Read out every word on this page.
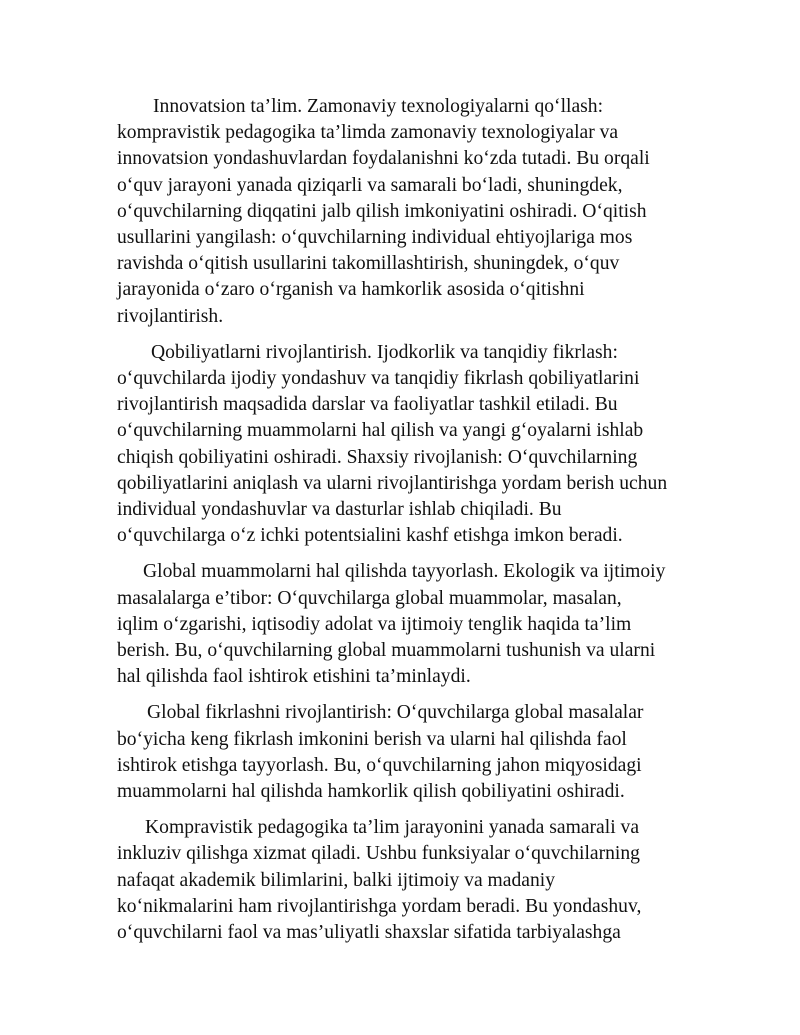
Innovatsion ta’lim. Zamonaviy texnologiyalarni qo‘llash:
kompravistik pedagogika ta’limda zamonaviy texnologiyalar va
innovatsion yondashuvlardan foydalanishni ko‘zda tutadi. Bu orqali
o‘quv jarayoni yanada qiziqarli va samarali bo‘ladi, shuningdek,
o‘quvchilarning diqqatini jalb qilish imkoniyatini oshiradi. O‘qitish
usullarini yangilash: o‘quvchilarning individual ehtiyojlariga mos
ravishda o‘qitish usullarini takomillashtirish, shuningdek, o‘quv
jarayonida o‘zaro o‘rganish va hamkorlik asosida o‘qitishni
rivojlantirish.

Qobiliyatlarni rivojlantirish. Ijodkorlik va tanqidiy fikrlash:
o‘quvchilarda ijodiy yondashuv va tanqidiy fikrlash qobiliyatlarini
rivojlantirish maqsadida darslar va faoliyatlar tashkil etiladi. Bu
o‘quvchilarning muammolarni hal qilish va yangi g‘oyalarni ishlab
chiqish qobiliyatini oshiradi. Shaxsiy rivojlanish: O‘quvchilarning
qobiliyatlarini aniqlash va ularni rivojlantirishga yordam berish uchun
individual yondashuvlar va dasturlar ishlab chiqiladi. Bu
o‘quvchilarga o‘z ichki potentsialini kashf etishga imkon beradi.

Global muammolarni hal qilishda tayyorlash. Ekologik va ijtimoiy
masalalarga e’tibor: O‘quvchilarga global muammolar, masalan,
iqlim o‘zgarishi, iqtisodiy adolat va ijtimoiy tenglik haqida ta’lim
berish. Bu, o‘quvchilarning global muammolarni tushunish va ularni
hal qilishda faol ishtirok etishini ta’minlaydi.

Global fikrlashni rivojlantirish: O‘quvchilarga global masalalar
bo‘yicha keng fikrlash imkonini berish va ularni hal qilishda faol
ishtirok etishga tayyorlash. Bu, o‘quvchilarning jahon miqyosidagi
muammolarni hal qilishda hamkorlik qilish qobiliyatini oshiradi.

Kompravistik pedagogika ta’lim jarayonini yanada samarali va
inkluziv qilishga xizmat qiladi. Ushbu funksiyalar o‘quvchilarning
nafaqat akademik bilimlarini, balki ijtimoiy va madaniy
ko‘nikmalarini ham rivojlantirishga yordam beradi. Bu yondashuv,
o‘quvchilarni faol va mas’uliyatli shaxslar sifatida tarbiyalashga
